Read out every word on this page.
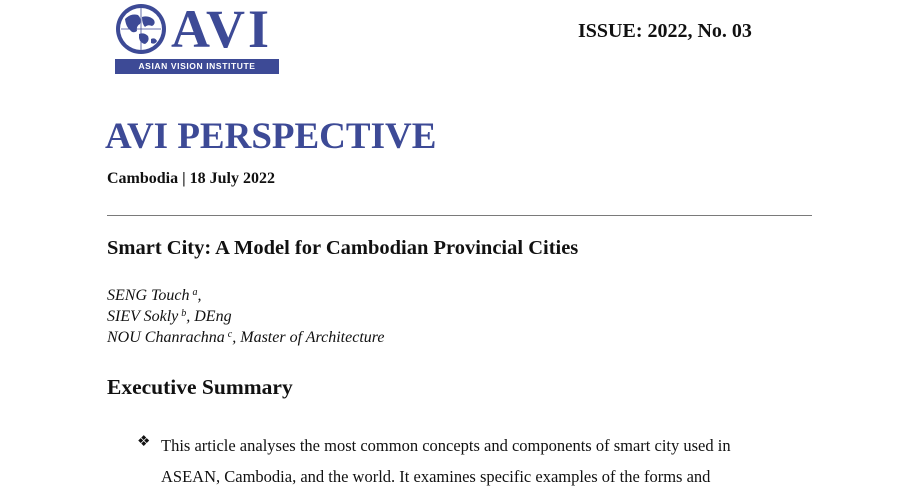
AVI
ASIAN VISION INSTITUTE
ISSUE: 2022, No. 03
AVI PERSPECTIVE
Cambodia | 18 July 2022
Smart City: A Model for Cambodian Provincial Cities
SENG Touch $^a$,
SIEV Sokly $^b$, DEng
NOU Chanrachna $^c$, Master of Architecture
Executive Summary
❖ This article analyses the most common concepts and components of smart city used in
ASEAN, Cambodia, and the world. It examines specific examples of the forms and
